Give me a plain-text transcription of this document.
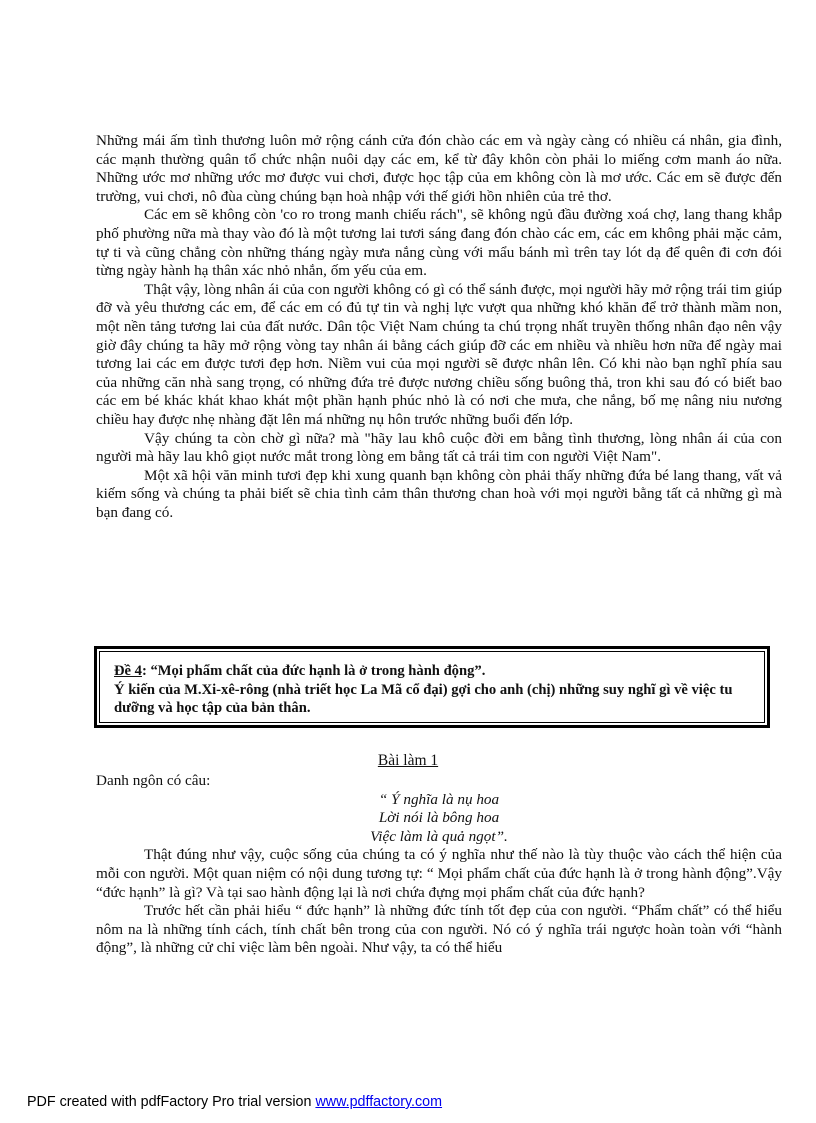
Những mái ấm tình thương luôn mở rộng cánh cửa đón chào các em và ngày càng có nhiều cá nhân, gia đình, các mạnh thường quân tổ chức nhận nuôi dạy các em, kể từ đây khôn còn phải lo miếng cơm manh áo nữa. Những ước mơ những ước mơ được vui chơi, được học tập của em không còn là mơ ước. Các em sẽ được đến trường, vui chơi, nô đùa cùng chúng bạn hoà nhập với thế giới hồn nhiên của trẻ thơ.

Các em sẽ không còn 'co ro trong manh chiếu rách", sẽ không ngủ đầu đường xoá chợ, lang thang khắp phố phường nữa mà thay vào đó là một tương lai tươi sáng đang đón chào các em, các em không phải mặc cảm, tự ti và cũng chẳng còn những tháng ngày mưa nắng cùng với mẩu bánh mì trên tay lót dạ để quên đi cơn đói từng ngày hành hạ thân xác nhỏ nhắn, ốm yếu của em.

Thật vậy, lòng nhân ái của con người không có gì có thể sánh được, mọi người hãy mở rộng trái tim giúp đỡ và yêu thương các em, để các em có đủ tự tin và nghị lực vượt qua những khó khăn để trở thành mầm non, một nền tảng tương lai của đất nước. Dân tộc Việt Nam chúng ta chú trọng nhất truyền thống nhân đạo nên vậy giờ đây chúng ta hãy mở rộng vòng tay nhân ái bằng cách giúp đỡ các em nhiều và nhiều hơn nữa để ngày mai tương lai các em được tươi đẹp hơn. Niềm vui của mọi người sẽ được nhân lên. Có khi nào bạn nghĩ phía sau của những căn nhà sang trọng, có những đứa trẻ được nương chiều sống buông thả, tron khi sau đó có biết bao các em bé khác khát khao khát một phần hạnh phúc nhỏ là có nơi che mưa, che nắng, bố mẹ nâng niu nương chiều hay được nhẹ nhàng đặt lên má những nụ hôn trước những buổi đến lớp.

Vậy chúng ta còn chờ gì nữa? mà "hãy lau khô cuộc đời em bằng tình thương, lòng nhân ái của con người mà hãy lau khô giọt nước mắt trong lòng em bằng tất cả trái tim con người Việt Nam".

Một xã hội văn minh tươi đẹp khi xung quanh bạn không còn phải thấy những đứa bé lang thang, vất vả kiếm sống và chúng ta phải biết sẽ chia tình cảm thân thương chan hoà với mọi người bằng tất cả những gì mà bạn đang có.

Đề 4: “Mọi phẩm chất của đức hạnh là ở trong hành động”.

Ý kiến của M.Xi-xê-rông (nhà triết học La Mã cổ đại) gợi cho anh (chị) những suy nghĩ gì về việc tu dưỡng và học tập của bản thân.

Bài làm 1

Danh ngôn có câu:

“ Ý nghĩa là nụ hoa

Lời nói là bông hoa

Việc làm là quả ngọt”.

Thật đúng như vậy, cuộc sống của chúng ta có ý nghĩa như thế nào là tùy thuộc vào cách thể hiện của mỗi con người. Một quan niệm có nội dung tương tự: “ Mọi phẩm chất của đức hạnh là ở trong hành động”.Vậy “đức hạnh” là gì? Và tại sao hành động lại là nơi chứa đựng mọi phẩm chất của đức hạnh?

Trước hết cần phải hiểu “ đức hạnh” là những đức tính tốt đẹp của con người. “Phẩm chất” có thể hiểu nôm na là những tính cách, tính chất bên trong của con người. Nó có ý nghĩa trái ngược hoàn toàn với “hành động”, là những cử chỉ việc làm bên ngoài. Như vậy, ta có thể hiểu

PDF created with pdfFactory Pro trial version www.pdffactory.com
